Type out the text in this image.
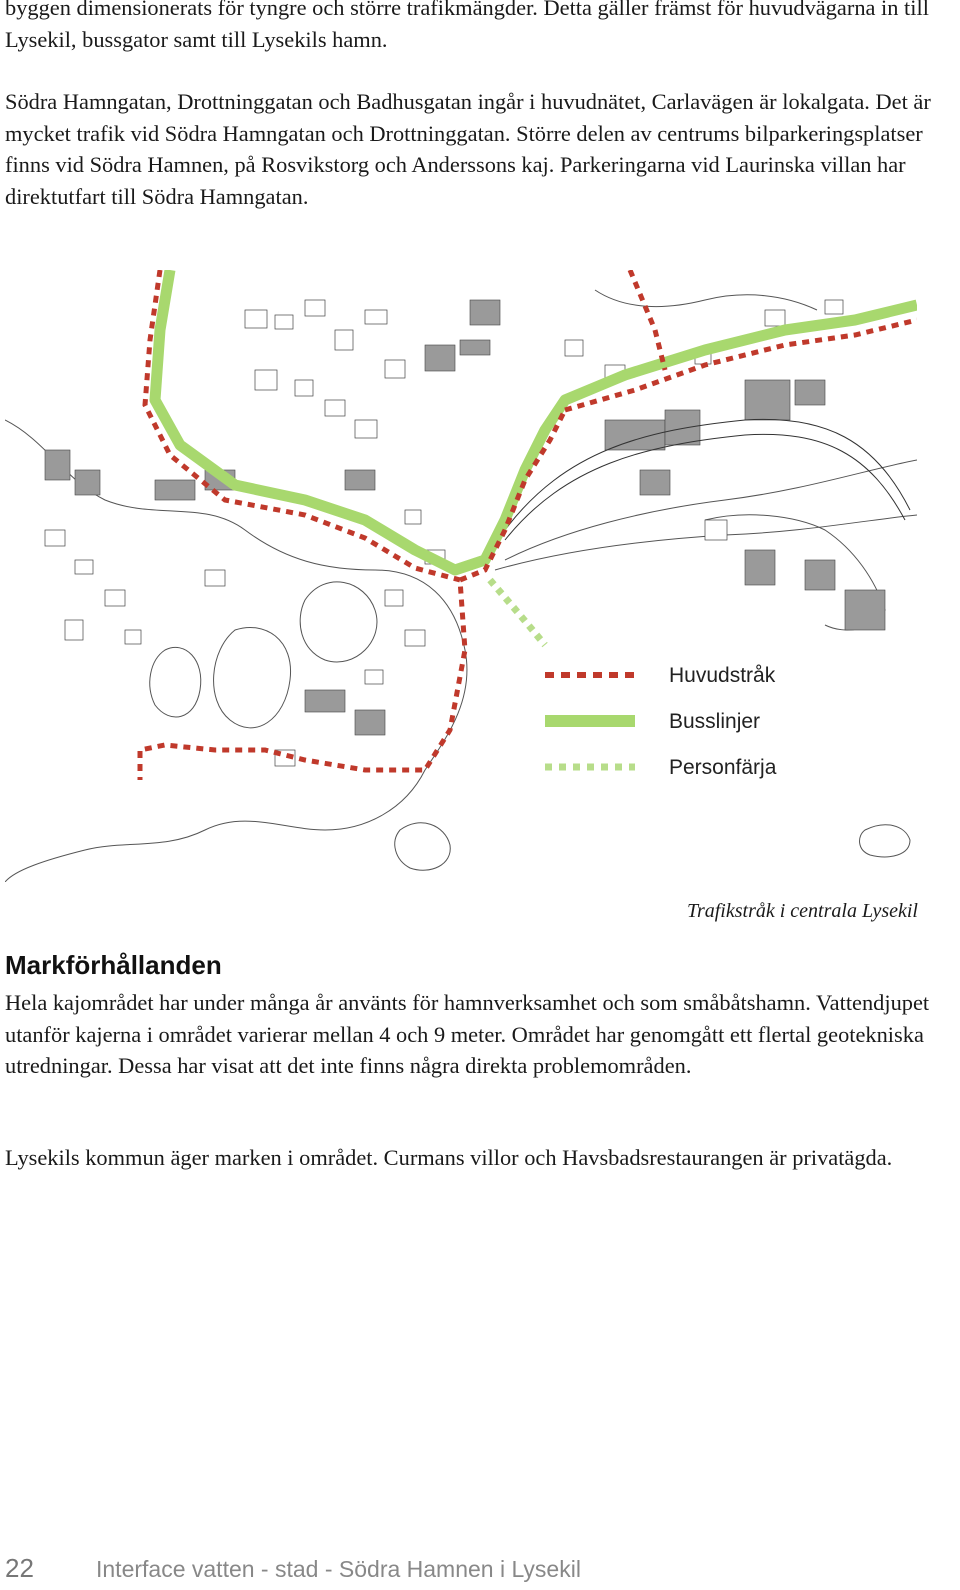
byggen dimensionerats för tyngre och större trafikmängder. Detta gäller främst för huvudvägarna in till Lysekil, bussgator samt till Lysekils hamn.

Södra Hamngatan, Drottninggatan och Badhusgatan ingår i huvudnätet, Carlavägen är lokalgata. Det är mycket trafik vid Södra Hamngatan och Drottninggatan. Större delen av centrums bilparkeringsplatser finns vid Södra Hamnen, på Rosvikstorg och Anderssons kaj. Parkeringarna vid Laurinska villan har direktutfart till Södra Hamngatan.

Huvudstråk
Busslinjer
Personfärja
Trafikstråk i centrala Lysekil
Markförhållanden

Hela kajområdet har under många år använts för hamnverksamhet och som småbåtshamn. Vattendjupet utanför kajerna i området varierar mellan 4 och 9 meter. Området har genomgått ett flertal geotekniska utredningar. Dessa har visat att det inte finns några direkta problemområden.

Lysekils kommun äger marken i området. Curmans villor och Havsbadsrestaurangen är privatägda.

22	Interface vatten - stad - Södra Hamnen i Lysekil
